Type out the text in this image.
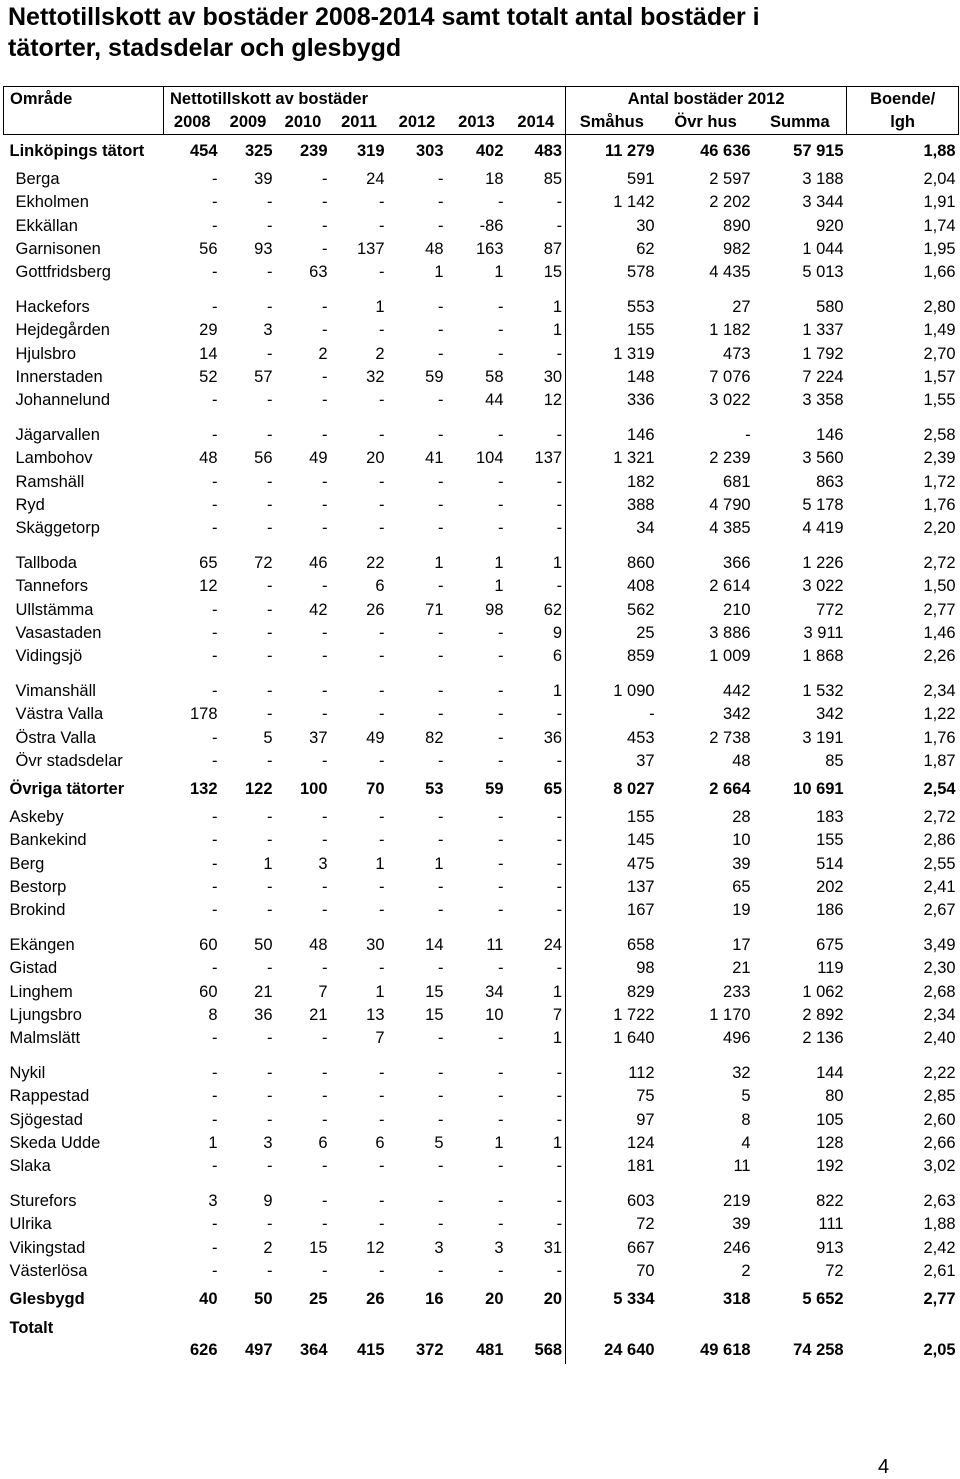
Nettotillskott av bostäder 2008-2014 samt totalt antal bostäder i tätorter, stadsdelar och glesbygd
Område	Nettotillskott av bostäder							Antal bostäder 2012			Boende/
	2008	2009	2010	2011	2012	2013	2014	Småhus	Övr hus	Summa	lgh
Linköpings tätort	454	325	239	319	303	402	483	11 279	46 636	57 915	1,88
Berga	-	39	-	24	-	18	85	591	2 597	3 188	2,04
Ekholmen	-	-	-	-	-	-	-	1 142	2 202	3 344	1,91
Ekkällan	-	-	-	-	-	-86	-	30	890	920	1,74
Garnisonen	56	93	-	137	48	163	87	62	982	1 044	1,95
Gottfridsberg	-	-	63	-	1	1	15	578	4 435	5 013	1,66
Hackefors	-	-	-	1	-	-	1	553	27	580	2,80
Hejdegården	29	3	-	-	-	-	1	155	1 182	1 337	1,49
Hjulsbro	14	-	2	2	-	-	-	1 319	473	1 792	2,70
Innerstaden	52	57	-	32	59	58	30	148	7 076	7 224	1,57
Johannelund	-	-	-	-	-	44	12	336	3 022	3 358	1,55
Jägarvallen	-	-	-	-	-	-	-	146	-	146	2,58
Lambohov	48	56	49	20	41	104	137	1 321	2 239	3 560	2,39
Ramshäll	-	-	-	-	-	-	-	182	681	863	1,72
Ryd	-	-	-	-	-	-	-	388	4 790	5 178	1,76
Skäggetorp	-	-	-	-	-	-	-	34	4 385	4 419	2,20
Tallboda	65	72	46	22	1	1	1	860	366	1 226	2,72
Tannefors	12	-	-	6	-	1	-	408	2 614	3 022	1,50
Ullstämma	-	-	42	26	71	98	62	562	210	772	2,77
Vasastaden	-	-	-	-	-	-	9	25	3 886	3 911	1,46
Vidingsjö	-	-	-	-	-	-	6	859	1 009	1 868	2,26
Vimanshäll	-	-	-	-	-	-	1	1 090	442	1 532	2,34
Västra Valla	178	-	-	-	-	-	-	-	342	342	1,22
Östra Valla	-	5	37	49	82	-	36	453	2 738	3 191	1,76
Övr stadsdelar	-	-	-	-	-	-	-	37	48	85	1,87
Övriga tätorter	132	122	100	70	53	59	65	8 027	2 664	10 691	2,54
Askeby	-	-	-	-	-	-	-	155	28	183	2,72
Bankekind	-	-	-	-	-	-	-	145	10	155	2,86
Berg	-	1	3	1	1	-	-	475	39	514	2,55
Bestorp	-	-	-	-	-	-	-	137	65	202	2,41
Brokind	-	-	-	-	-	-	-	167	19	186	2,67
Ekängen	60	50	48	30	14	11	24	658	17	675	3,49
Gistad	-	-	-	-	-	-	-	98	21	119	2,30
Linghem	60	21	7	1	15	34	1	829	233	1 062	2,68
Ljungsbro	8	36	21	13	15	10	7	1 722	1 170	2 892	2,34
Malmslätt	-	-	-	7	-	-	1	1 640	496	2 136	2,40
Nykil	-	-	-	-	-	-	-	112	32	144	2,22
Rappestad	-	-	-	-	-	-	-	75	5	80	2,85
Sjögestad	-	-	-	-	-	-	-	97	8	105	2,60
Skeda Udde	1	3	6	6	5	1	1	124	4	128	2,66
Slaka	-	-	-	-	-	-	-	181	11	192	3,02
Sturefors	3	9	-	-	-	-	-	603	219	822	2,63
Ulrika	-	-	-	-	-	-	-	72	39	111	1,88
Vikingstad	-	2	15	12	3	3	31	667	246	913	2,42
Västerlösa	-	-	-	-	-	-	-	70	2	72	2,61
Glesbygd	40	50	25	26	16	20	20	5 334	318	5 652	2,77
Totalt	626	497	364	415	372	481	568	24 640	49 618	74 258	2,05
4
